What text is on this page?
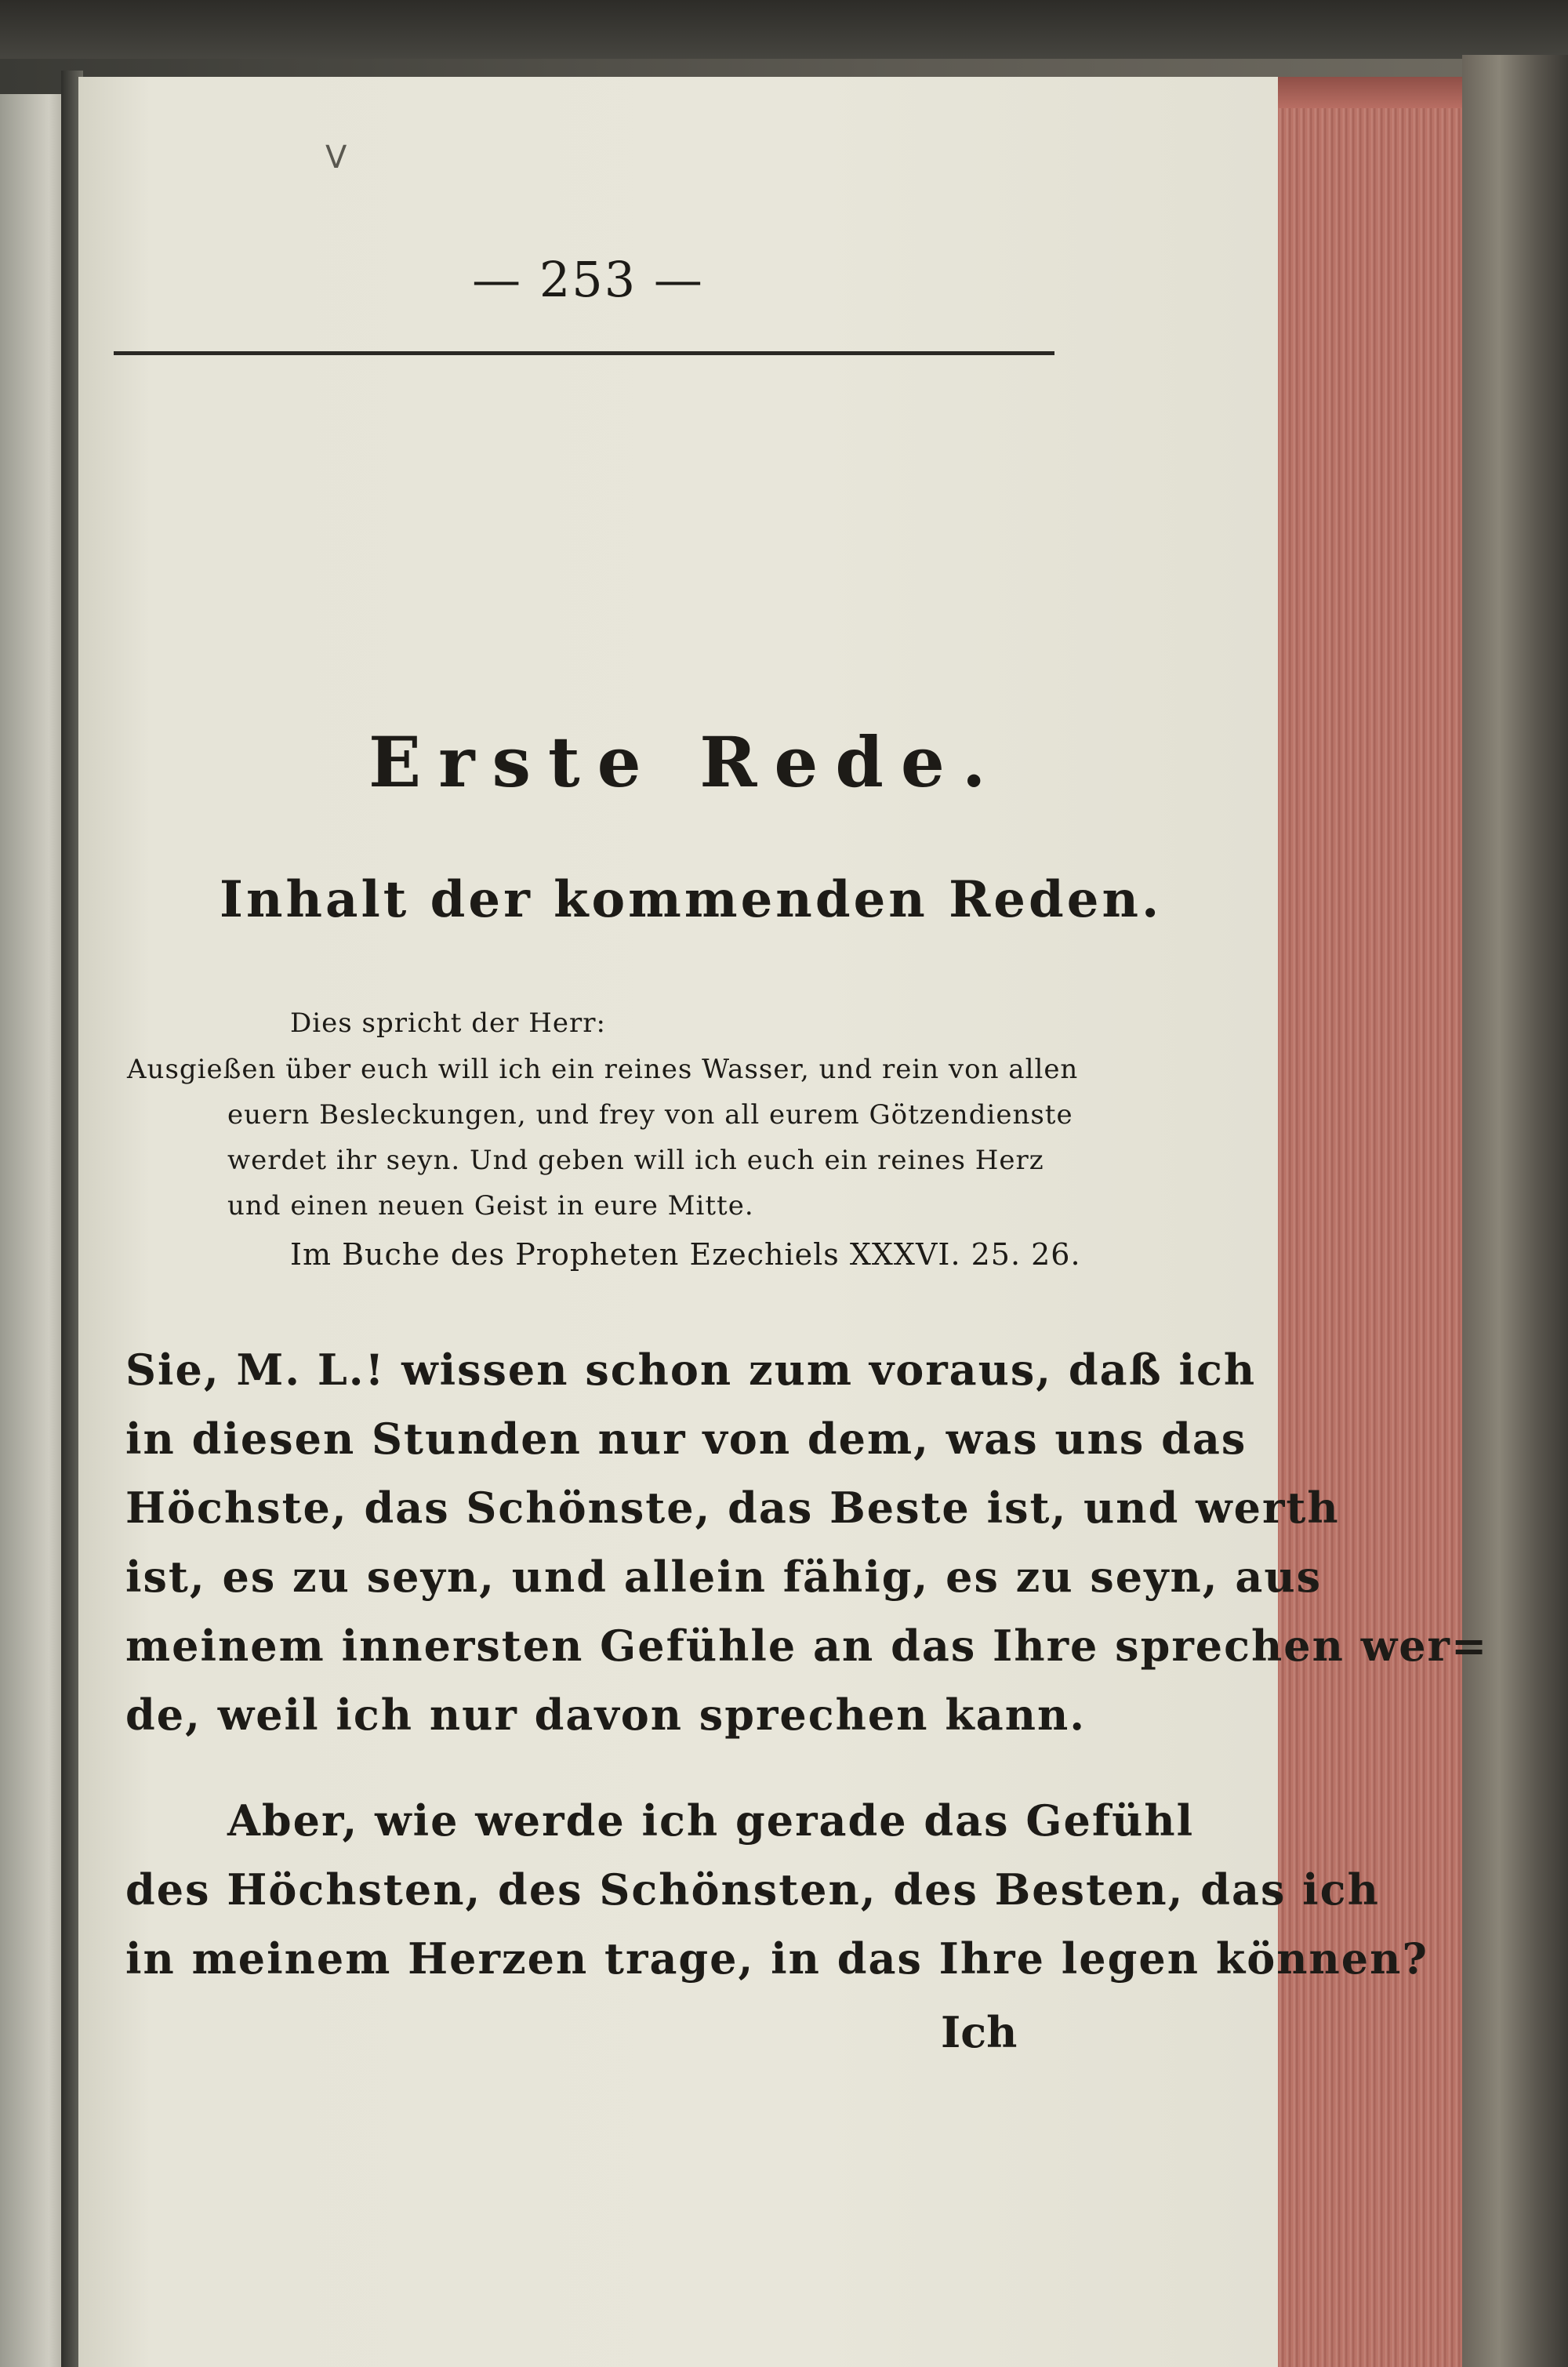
V
— 253 —
Erste Rede.
Inhalt der kommenden Reden.
Dies spricht der Herr:
Ausgießen über euch will ich ein reines Wasser, und rein von allen
euern Besleckungen, und frey von all eurem Götzendienste
werdet ihr seyn. Und geben will ich euch ein reines Herz
und einen neuen Geist in eure Mitte.
Im Buche des Propheten Ezechiels XXXVI. 25. 26.
Sie, M. L.! wissen schon zum voraus, daß ich
in diesen Stunden nur von dem, was uns das
Höchste, das Schönste, das Beste ist, und werth
ist, es zu seyn, und allein fähig, es zu seyn, aus
meinem innersten Gefühle an das Ihre sprechen wer=
de, weil ich nur davon sprechen kann.
Aber, wie werde ich gerade das Gefühl
des Höchsten, des Schönsten, des Besten, das ich
in meinem Herzen trage, in das Ihre legen können?
Ich
